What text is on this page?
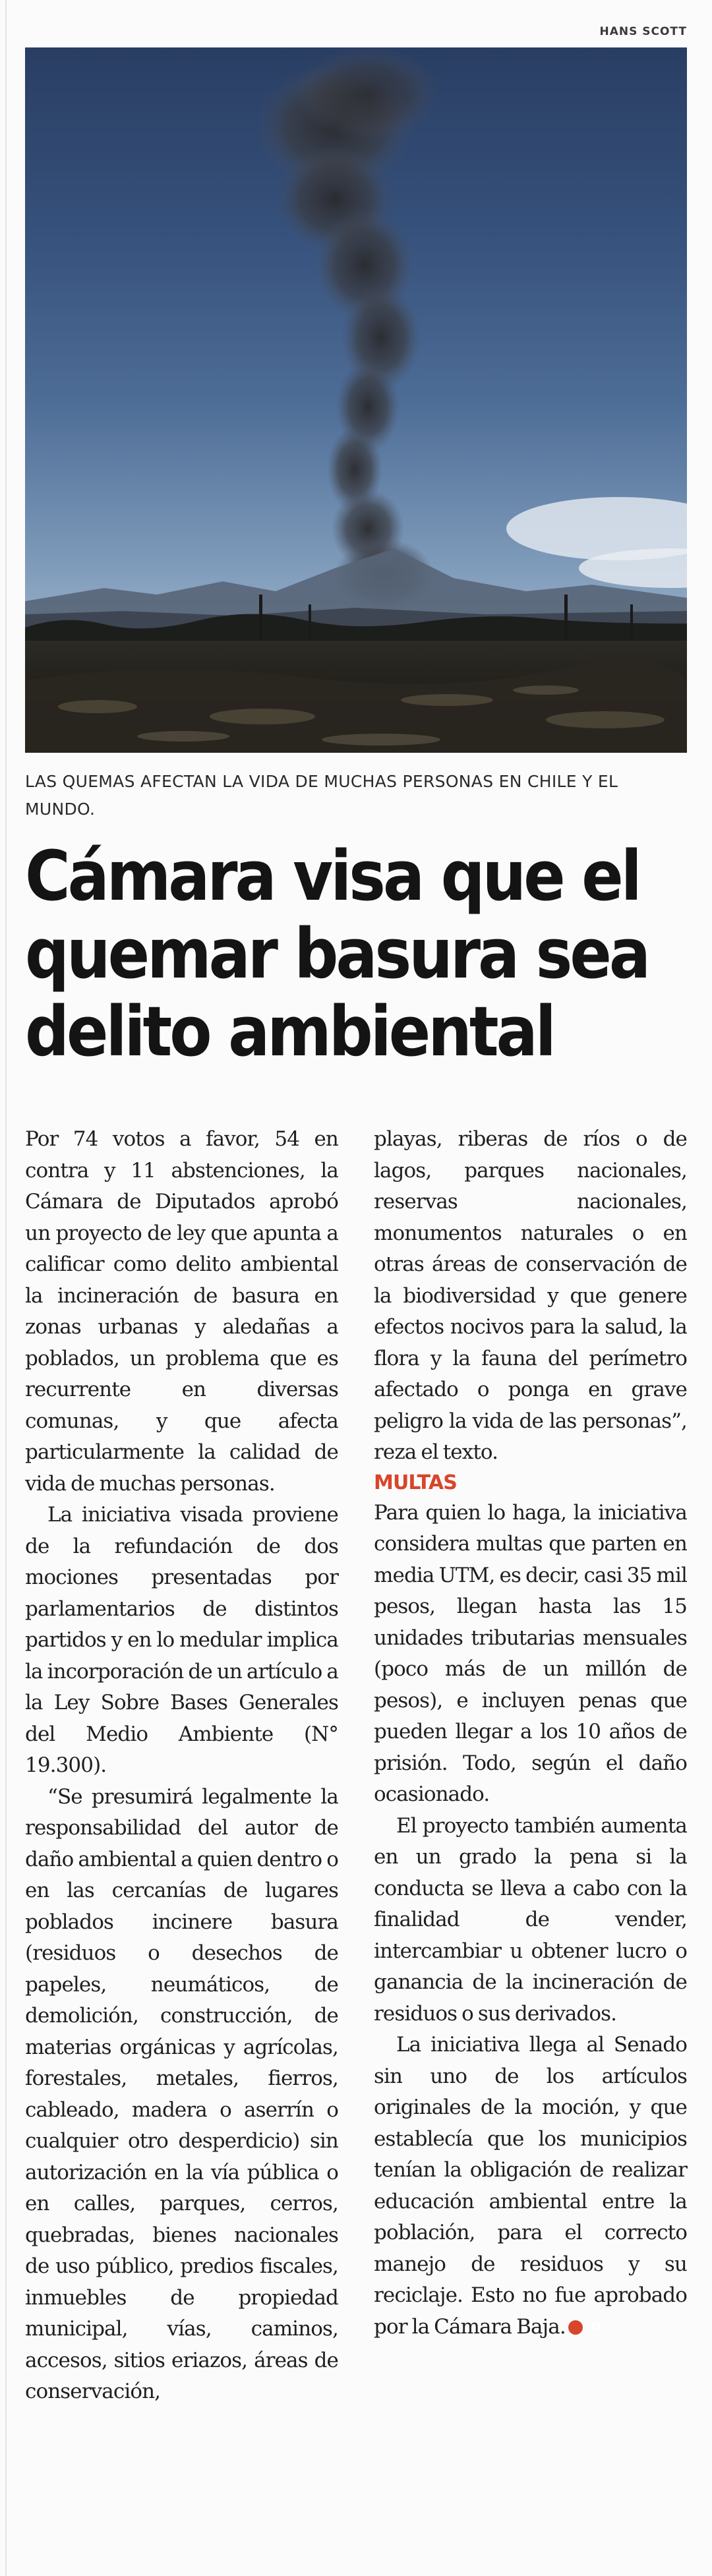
HANS SCOTT
LAS QUEMAS AFECTAN LA VIDA DE MUCHAS PERSONAS EN CHILE Y EL MUNDO.
Cámara visa que el quemar basura sea delito ambiental

Por 74 votos a favor, 54 en contra y 11 abstenciones, la Cámara de Diputados aprobó un proyecto de ley que apunta a calificar como delito ambiental la incineración de basura en zonas urbanas y aledañas a poblados, un problema que es recurrente en diversas comunas, y que afecta particularmente la calidad de vida de muchas personas.

La iniciativa visada proviene de la refundación de dos mociones presentadas por parlamentarios de distintos partidos y en lo medular implica la incorporación de un artículo a la Ley Sobre Bases Generales del Medio Ambiente (N° 19.300).

“Se presumirá legalmente la responsabilidad del autor de daño ambiental a quien dentro o en las cercanías de lugares poblados incinere basura (residuos o desechos de papeles, neumáticos, de demolición, construcción, de materias orgánicas y agrícolas, forestales, metales, fierros, cableado, madera o aserrín o cualquier otro desperdicio) sin autorización en la vía pública o en calles, parques, cerros, quebradas, bienes nacionales de uso público, predios fiscales, inmuebles de propiedad municipal, vías, caminos, accesos, sitios eriazos, áreas de conservación,

playas, riberas de ríos o de lagos, parques nacionales, reservas nacionales, monumentos naturales o en otras áreas de conservación de la biodiversidad y que genere efectos nocivos para la salud, la flora y la fauna del perímetro afectado o ponga en grave peligro la vida de las personas”, reza el texto.

MULTAS

Para quien lo haga, la iniciativa considera multas que parten en media UTM, es decir, casi 35 mil pesos, llegan hasta las 15 unidades tributarias mensuales (poco más de un millón de pesos), e incluyen penas que pueden llegar a los 10 años de prisión. Todo, según el daño ocasionado.

El proyecto también aumenta en un grado la pena si la conducta se lleva a cabo con la finalidad de vender, intercambiar u obtener lucro o ganancia de la incineración de residuos o sus derivados.

La iniciativa llega al Senado sin uno de los artículos originales de la moción, y que establecía que los municipios tenían la obligación de realizar educación ambiental entre la población, para el correcto manejo de residuos y su reciclaje. Esto no fue aprobado por la Cámara Baja. ✪
